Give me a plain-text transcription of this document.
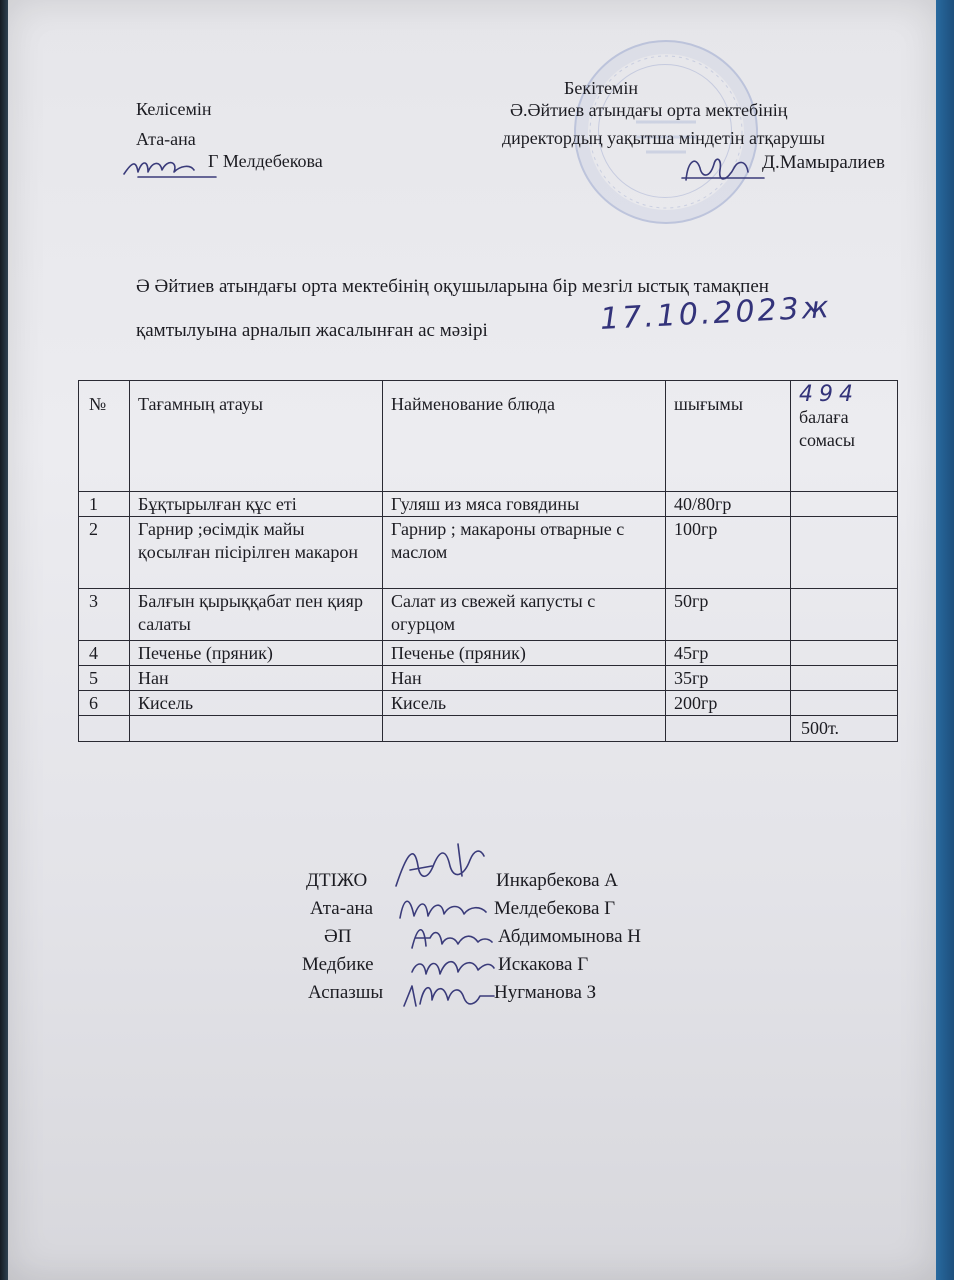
Келісемін
Ата-ана
Г Мелдебекова
Бекітемін
Ә.Әйтиев атындағы орта мектебінің
директордың уақытша міндетін атқарушы
Д.Мамыралиев
Ә Әйтиев атындағы орта мектебінің оқушыларына бір мезгіл ыстық тамақпен
қамтылуына арналып жасалынған ас мәзірі	17.10.2023ж
№	Тағамның атауы	Найменование блюда	шығымы	494
балаға
сомасы
1	Бұқтырылған құс еті	Гуляш из мяса говядины	40/80гр	
2	Гарнир ;өсімдік майы қосылған пісірілген макарон	Гарнир ; макароны отварные с маслом	100гр	
3	Балғын қырыққабат пен қияр салаты	Салат из свежей капусты с огурцом	50гр	
4	Печенье (пряник)	Печенье (пряник)	45гр	
5	Нан	Нан	35гр	
6	Кисель	Кисель	200гр	
				500т.
ДТІЖО	Инкарбекова А
Ата-ана	Мелдебекова Г
ӘП	Абдимомынова Н
Медбике	Искакова Г
Аспазшы	Нугманова З
